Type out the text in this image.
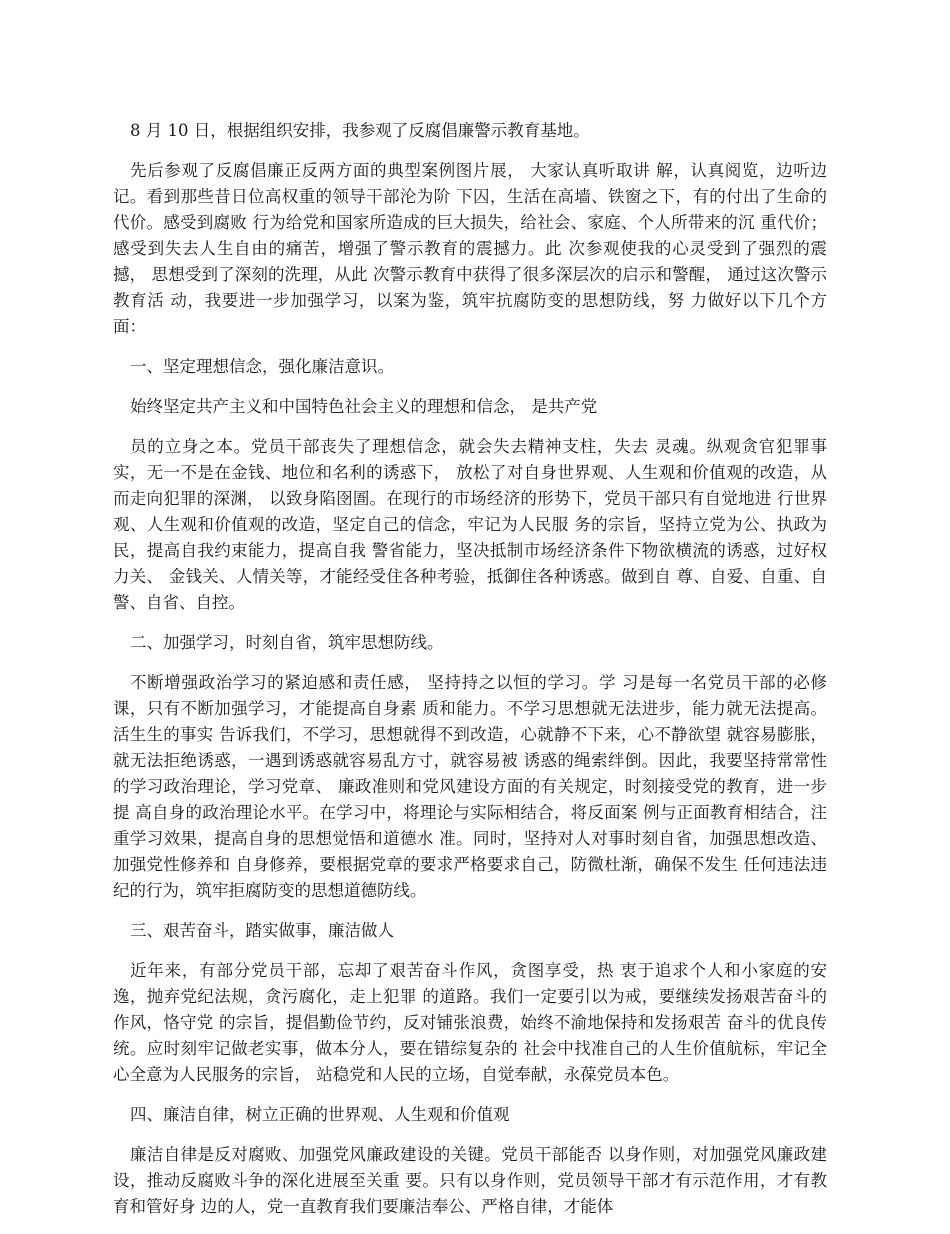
8 月 10 日，根据组织安排，我参观了反腐倡廉警示教育基地。

先后参观了反腐倡廉正反两方面的典型案例图片展， 大家认真听取讲 解，认真阅览，边听边记。看到那些昔日位高权重的领导干部沦为阶 下囚，生活在高墙、铁窗之下，有的付出了生命的代价。感受到腐败 行为给党和国家所造成的巨大损失，给社会、家庭、个人所带来的沉 重代价；感受到失去人生自由的痛苦，增强了警示教育的震撼力。此 次参观使我的心灵受到了强烈的震撼， 思想受到了深刻的洗理，从此 次警示教育中获得了很多深层次的启示和警醒， 通过这次警示教育活 动，我要进一步加强学习，以案为鉴，筑牢抗腐防变的思想防线，努 力做好以下几个方面：

一、坚定理想信念，强化廉洁意识。

始终坚定共产主义和中国特色社会主义的理想和信念， 是共产党

员的立身之本。党员干部丧失了理想信念，就会失去精神支柱，失去 灵魂。纵观贪官犯罪事实，无一不是在金钱、地位和名利的诱惑下， 放松了对自身世界观、人生观和价值观的改造，从而走向犯罪的深渊， 以致身陷囹圄。在现行的市场经济的形势下，党员干部只有自觉地进 行世界观、人生观和价值观的改造，坚定自己的信念，牢记为人民服 务的宗旨，坚持立党为公、执政为民，提高自我约束能力，提高自我 警省能力，坚决抵制市场经济条件下物欲横流的诱惑，过好权力关、 金钱关、人情关等，才能经受住各种考验，抵御住各种诱惑。做到自 尊、自爱、自重、自警、自省、自控。

二、加强学习，时刻自省，筑牢思想防线。

不断增强政治学习的紧迫感和责任感， 坚持持之以恒的学习。学 习是每一名党员干部的必修课，只有不断加强学习，才能提高自身素 质和能力。不学习思想就无法进步，能力就无法提高。活生生的事实 告诉我们，不学习，思想就得不到改造，心就静不下来，心不静欲望 就容易膨胀，就无法拒绝诱惑，一遇到诱惑就容易乱方寸，就容易被 诱惑的绳索绊倒。因此，我要坚持常常性的学习政治理论，学习党章、 廉政准则和党风建设方面的有关规定，时刻接受党的教育，进一步提 高自身的政治理论水平。在学习中，将理论与实际相结合，将反面案 例与正面教育相结合，注重学习效果，提高自身的思想觉悟和道德水 准。同时，坚持对人对事时刻自省，加强思想改造、加强党性修养和 自身修养，要根据党章的要求严格要求自己，防微杜渐，确保不发生 任何违法违纪的行为，筑牢拒腐防变的思想道德防线。

三、艰苦奋斗，踏实做事，廉洁做人

近年来，有部分党员干部，忘却了艰苦奋斗作风，贪图享受，热 衷于追求个人和小家庭的安逸，抛弃党纪法规，贪污腐化，走上犯罪 的道路。我们一定要引以为戒，要继续发扬艰苦奋斗的作风，恪守党 的宗旨，提倡勤俭节约，反对铺张浪费，始终不渝地保持和发扬艰苦 奋斗的优良传统。应时刻牢记做老实事，做本分人，要在错综复杂的 社会中找准自己的人生价值航标，牢记全心全意为人民服务的宗旨， 站稳党和人民的立场，自觉奉献，永葆党员本色。

四、廉洁自律，树立正确的世界观、人生观和价值观

廉洁自律是反对腐败、加强党风廉政建设的关键。党员干部能否 以身作则，对加强党风廉政建设，推动反腐败斗争的深化进展至关重 要。只有以身作则，党员领导干部才有示范作用，才有教育和管好身 边的人，党一直教育我们要廉洁奉公、严格自律，才能体
